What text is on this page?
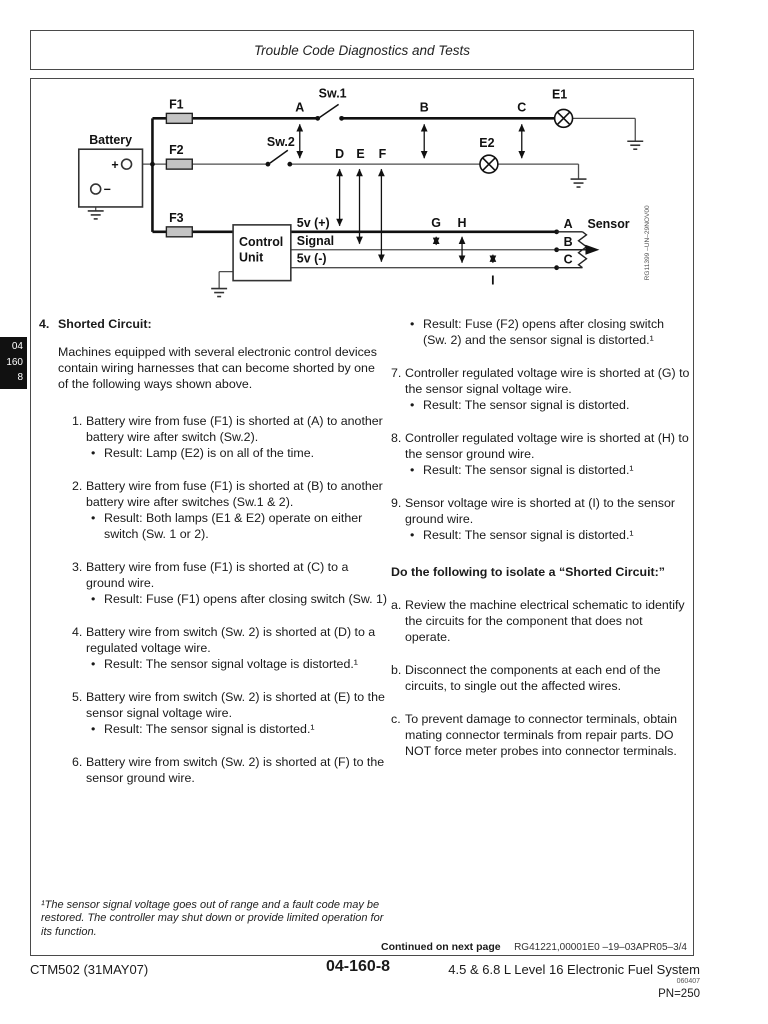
Trouble Code Diagnostics and Tests
04
160
8
+
−
Control
Unit
Battery
F1
F2
F3
Sw.1
Sw.2
A	B	C
E1
E2
D E F
G H
I
5v (+)
Signal
5v (-)
A
B
C
Sensor RG11399 –UN–29NOV00
4. Shorted Circuit:

Machines equipped with several electronic control devices contain wiring harnesses that can become shorted by one of the following ways shown above.

1. Battery wire from fuse (F1) is shorted at (A) to another battery wire after switch (Sw.2).
• Result: Lamp (E2) is on all of the time.
2. Battery wire from fuse (F1) is shorted at (B) to another battery wire after switches (Sw.1 & 2).
• Result: Both lamps (E1 & E2) operate on either switch (Sw. 1 or 2).
3. Battery wire from fuse (F1) is shorted at (C) to a ground wire.
• Result: Fuse (F1) opens after closing switch (Sw. 1)
4. Battery wire from switch (Sw. 2) is shorted at (D) to a regulated voltage wire.
• Result: The sensor signal voltage is distorted.¹
5. Battery wire from switch (Sw. 2) is shorted at (E) to the sensor signal voltage wire.
• Result: The sensor signal is distorted.¹
6. Battery wire from switch (Sw. 2) is shorted at (F) to the sensor ground wire.
• Result: Fuse (F2) opens after closing switch (Sw. 2) and the sensor signal is distorted.¹
7. Controller regulated voltage wire is shorted at (G) to the sensor signal voltage wire.
• Result: The sensor signal is distorted.
8. Controller regulated voltage wire is shorted at (H) to the sensor ground wire.
• Result: The sensor signal is distorted.¹
9. Sensor voltage wire is shorted at (I) to the sensor ground wire.
• Result: The sensor signal is distorted.¹
Do the following to isolate a “Shorted Circuit:”
a. Review the machine electrical schematic to identify the circuits for the component that does not operate.
b. Disconnect the components at each end of the circuits, to single out the affected wires.
c. To prevent damage to connector terminals, obtain mating connector terminals from repair parts. DO NOT force meter probes into connector terminals.
¹The sensor signal voltage goes out of range and a fault code may be restored. The controller may shut down or provide limited operation for its function.
Continued on next page RG41221,00001E0 –19–03APR05–3/4
CTM502 (31MAY07)	04-160-8	4.5 & 6.8 L Level 16 Electronic Fuel System
060407
PN=250
